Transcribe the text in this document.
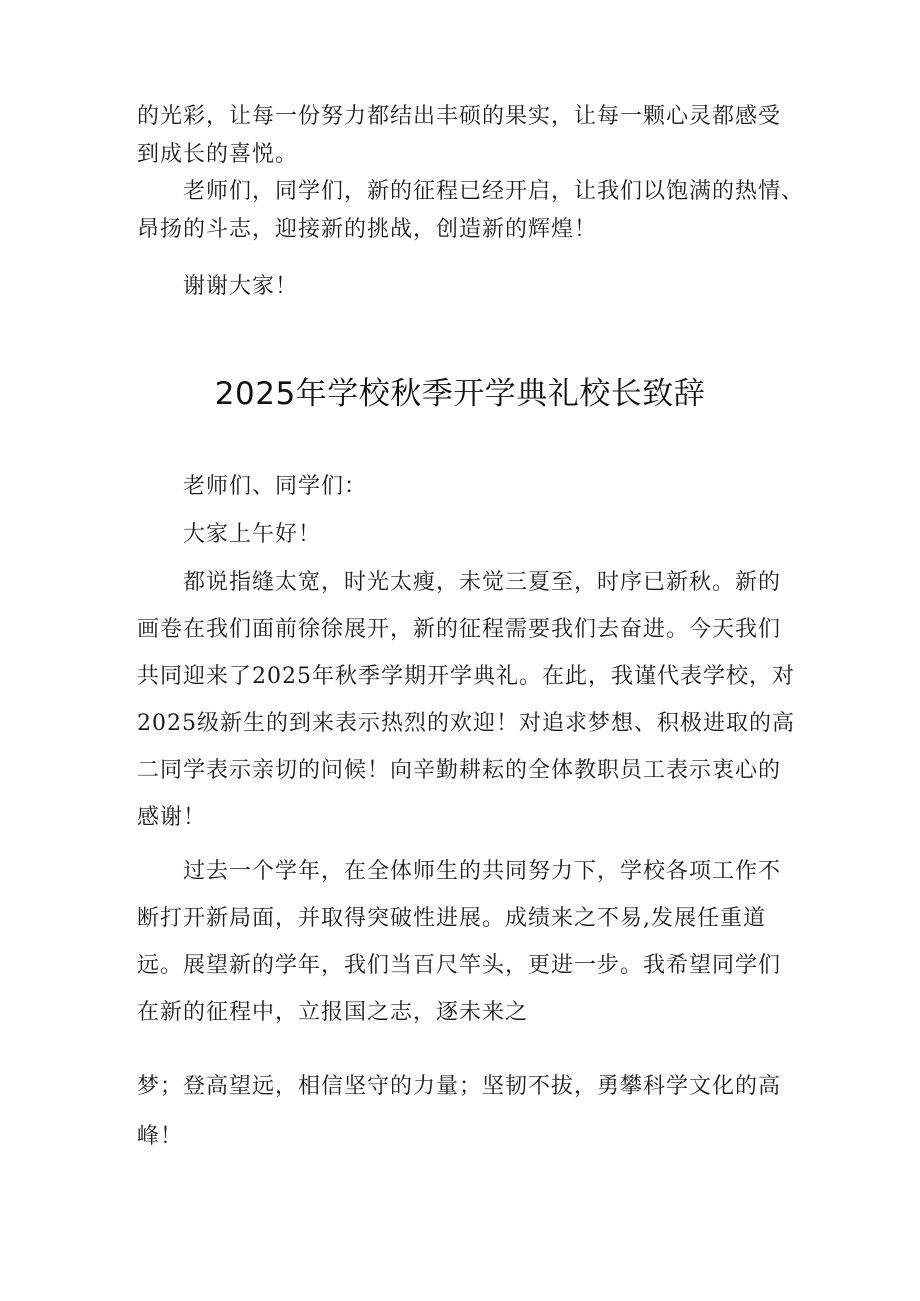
的光彩，让每一份努力都结出丰硕的果实，让每一颗心灵都感受
到成长的喜悦。
　　老师们，同学们，新的征程已经开启，让我们以饱满的热情、
昂扬的斗志，迎接新的挑战，创造新的辉煌！
　　谢谢大家！
2025年学校秋季开学典礼校长致辞
　　老师们、同学们：
　　大家上午好！
　　都说指缝太宽，时光太瘦，未觉三夏至，时序已新秋。新的
画卷在我们面前徐徐展开，新的征程需要我们去奋进。今天我们
共同迎来了2025年秋季学期开学典礼。在此，我谨代表学校，对
2025级新生的到来表示热烈的欢迎！对追求梦想、积极进取的高
二同学表示亲切的问候！向辛勤耕耘的全体教职员工表示衷心的
感谢！
　　过去一个学年，在全体师生的共同努力下，学校各项工作不
断打开新局面，并取得突破性进展。成绩来之不易,发展任重道
远。展望新的学年，我们当百尺竿头，更进一步。我希望同学们
在新的征程中，立报国之志，逐未来之
梦；登高望远，相信坚守的力量；坚韧不拔，勇攀科学文化的高
峰！
